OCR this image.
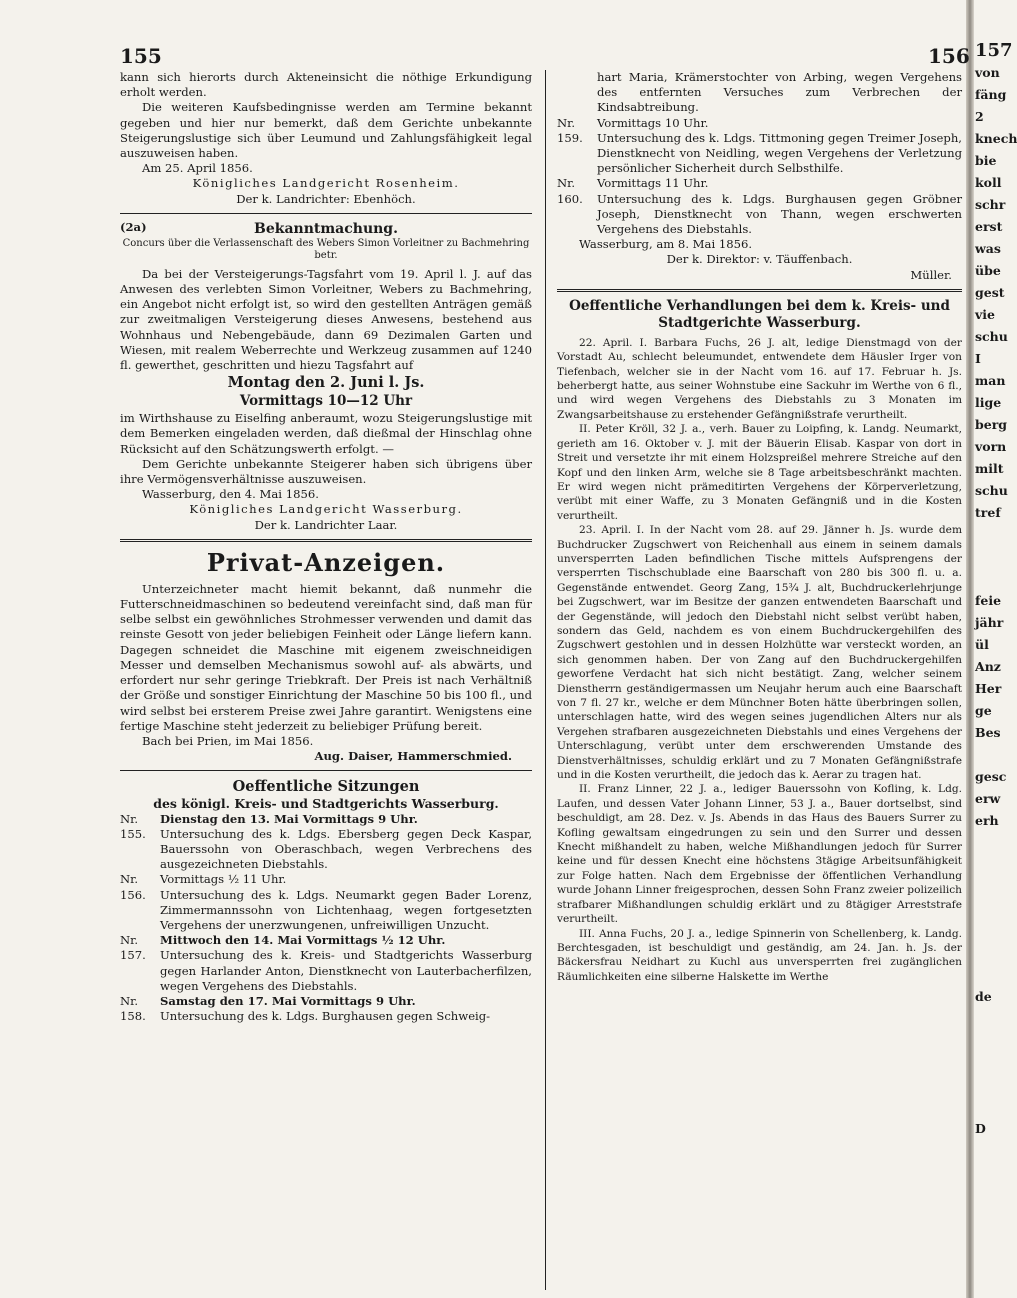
155	156

kann sich hierorts durch Akteneinsicht die nöthige Erkundigung erholt werden.

Die weiteren Kaufsbedingnisse werden am Termine bekannt gegeben und hier nur bemerkt, daß dem Gerichte unbekannte Steigerungslustige sich über Leumund und Zahlungsfähigkeit legal auszuweisen haben.

Am 25. April 1856.

Königliches Landgericht Rosenheim.

Der k. Landrichter: Ebenhöch.

(2a)	Bekanntmachung.

Concurs über die Verlassenschaft des Webers Simon Vorleitner zu Bachmehring betr.

Da bei der Versteigerungs-Tagsfahrt vom 19. April l. J. auf das Anwesen des verlebten Simon Vorleitner, Webers zu Bachmehring, ein Angebot nicht erfolgt ist, so wird den gestellten Anträgen gemäß zur zweitmaligen Versteigerung dieses Anwesens, bestehend aus Wohnhaus und Nebengebäude, dann 69 Dezimalen Garten und Wiesen, mit realem Weberrechte und Werkzeug zusammen auf 1240 fl. gewerthet, geschritten und hiezu Tagsfahrt auf

Montag den 2. Juni l. Js.

Vormittags 10—12 Uhr

im Wirthshause zu Eiselfing anberaumt, wozu Steigerungslustige mit dem Bemerken eingeladen werden, daß dießmal der Hinschlag ohne Rücksicht auf den Schätzungswerth erfolgt. —

Dem Gerichte unbekannte Steigerer haben sich übrigens über ihre Vermögensverhältnisse auszuweisen.

Wasserburg, den 4. Mai 1856.

Königliches Landgericht Wasserburg.

Der k. Landrichter Laar.

Privat-Anzeigen.

Unterzeichneter macht hiemit bekannt, daß nunmehr die Futterschneidmaschinen so bedeutend vereinfacht sind, daß man für selbe selbst ein gewöhnliches Strohmesser verwenden und damit das reinste Gesott von jeder beliebigen Feinheit oder Länge liefern kann. Dagegen schneidet die Maschine mit eigenem zweischneidigen Messer und demselben Mechanismus sowohl auf- als abwärts, und erfordert nur sehr geringe Triebkraft. Der Preis ist nach Verhältniß der Größe und sonstiger Einrichtung der Maschine 50 bis 100 fl., und wird selbst bei ersterem Preise zwei Jahre garantirt. Wenigstens eine fertige Maschine steht jederzeit zu beliebiger Prüfung bereit.

Bach bei Prien, im Mai 1856.

Aug. Daiser, Hammerschmied.

Oeffentliche Sitzungen

des königl. Kreis- und Stadtgerichts Wasserburg.

Nr. 155.

Dienstag den 13. Mai Vormittags 9 Uhr.

Untersuchung des k. Ldgs. Ebersberg gegen Deck Kaspar, Bauerssohn von Oberaschbach, wegen Verbrechens des ausgezeichneten Diebstahls.

Nr. 156.

Vormittags ½ 11 Uhr.

Untersuchung des k. Ldgs. Neumarkt gegen Bader Lorenz, Zimmermannssohn von Lichtenhaag, wegen fortgesetzten Vergehens der unerzwungenen, unfreiwilligen Unzucht.

Nr. 157.

Mittwoch den 14. Mai Vormittags ½ 12 Uhr.

Untersuchung des k. Kreis- und Stadtgerichts Wasserburg gegen Harlander Anton, Dienstknecht von Lauterbacherfilzen, wegen Vergehens des Diebstahls.

Nr. 158.

Samstag den 17. Mai Vormittags 9 Uhr.

Untersuchung des k. Ldgs. Burghausen gegen Schweig-

hart Maria, Krämerstochter von Arbing, wegen Vergehens des entfernten Versuches zum Verbrechen der Kindsabtreibung.

Nr. 159.

Vormittags 10 Uhr.

Untersuchung des k. Ldgs. Tittmoning gegen Treimer Joseph, Dienstknecht von Neidling, wegen Vergehens der Verletzung persönlicher Sicherheit durch Selbsthilfe.

Nr. 160.

Vormittags 11 Uhr.

Untersuchung des k. Ldgs. Burghausen gegen Gröbner Joseph, Dienstknecht von Thann, wegen erschwerten Vergehens des Diebstahls.

Wasserburg, am 8. Mai 1856.

Der k. Direktor: v. Täuffenbach.

Müller.

Oeffentliche Verhandlungen bei dem k. Kreis- und Stadtgerichte Wasserburg.

22. April. I. Barbara Fuchs, 26 J. alt, ledige Dienstmagd von der Vorstadt Au, schlecht beleumundet, entwendete dem Häusler Irger von Tiefenbach, welcher sie in der Nacht vom 16. auf 17. Februar h. Js. beherbergt hatte, aus seiner Wohnstube eine Sackuhr im Werthe von 6 fl., und wird wegen Vergehens des Diebstahls zu 3 Monaten im Zwangsarbeitshause zu erstehender Gefängnißstrafe verurtheilt.

II. Peter Kröll, 32 J. a., verh. Bauer zu Loipfing, k. Landg. Neumarkt, gerieth am 16. Oktober v. J. mit der Bäuerin Elisab. Kaspar von dort in Streit und versetzte ihr mit einem Holzspreißel mehrere Streiche auf den Kopf und den linken Arm, welche sie 8 Tage arbeitsbeschränkt machten. Er wird wegen nicht prämeditirten Vergehens der Körperverletzung, verübt mit einer Waffe, zu 3 Monaten Gefängniß und in die Kosten verurtheilt.

23. April. I. In der Nacht vom 28. auf 29. Jänner h. Js. wurde dem Buchdrucker Zugschwert von Reichenhall aus einem in seinem damals unversperrten Laden befindlichen Tische mittels Aufsprengens der versperrten Tischschublade eine Baarschaft von 280 bis 300 fl. u. a. Gegenstände entwendet. Georg Zang, 15¾ J. alt, Buchdruckerlehrjunge bei Zugschwert, war im Besitze der ganzen entwendeten Baarschaft und der Gegenstände, will jedoch den Diebstahl nicht selbst verübt haben, sondern das Geld, nachdem es von einem Buchdruckergehilfen des Zugschwert gestohlen und in dessen Holzhütte war versteckt worden, an sich genommen haben. Der von Zang auf den Buchdruckergehilfen geworfene Verdacht hat sich nicht bestätigt. Zang, welcher seinem Dienstherrn geständigermassen um Neujahr herum auch eine Baarschaft von 7 fl. 27 kr., welche er dem Münchner Boten hätte überbringen sollen, unterschlagen hatte, wird des wegen seines jugendlichen Alters nur als Vergehen strafbaren ausgezeichneten Diebstahls und eines Vergehens der Unterschlagung, verübt unter dem erschwerenden Umstande des Dienstverhältnisses, schuldig erklärt und zu 7 Monaten Gefängnißstrafe und in die Kosten verurtheilt, die jedoch das k. Aerar zu tragen hat.

II. Franz Linner, 22 J. a., lediger Bauerssohn von Kofling, k. Ldg. Laufen, und dessen Vater Johann Linner, 53 J. a., Bauer dortselbst, sind beschuldigt, am 28. Dez. v. Js. Abends in das Haus des Bauers Surrer zu Kofling gewaltsam eingedrungen zu sein und den Surrer und dessen Knecht mißhandelt zu haben, welche Mißhandlungen jedoch für Surrer keine und für dessen Knecht eine höchstens 3tägige Arbeitsunfähigkeit zur Folge hatten. Nach dem Ergebnisse der öffentlichen Verhandlung wurde Johann Linner freigesprochen, dessen Sohn Franz zweier polizeilich strafbarer Mißhandlungen schuldig erklärt und zu 8tägiger Arreststrafe verurtheilt.

III. Anna Fuchs, 20 J. a., ledige Spinnerin von Schellenberg, k. Landg. Berchtesgaden, ist beschuldigt und geständig, am 24. Jan. h. Js. der Bäckersfrau Neidhart zu Kuchl aus unversperrten frei zugänglichen Räumlichkeiten eine silberne Halskette im Werthe

157
von
fäng
2
knech
bie
koll
schr
erst
was
übe
gest
vie
schu
I
man
lige
berg
vorn
milt
schu
tref

feie
jähr
ül
Anz
Her
ge
Bes

gesc
erw
erh

de

D
